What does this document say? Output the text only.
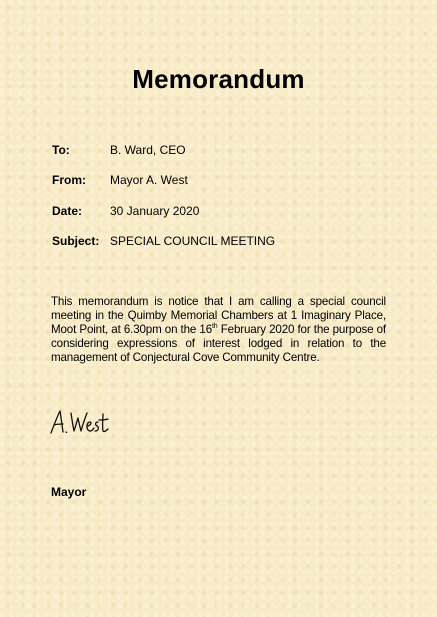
Memorandum
To:	B. Ward, CEO
From:	Mayor A. West
Date:	30 January 2020
Subject: SPECIAL COUNCIL MEETING
This memorandum is notice that I am calling a special council meeting in the Quimby Memorial Chambers at 1 Imaginary Place, Moot Point, at 6.30pm on the 16th February 2020 for the purpose of considering expressions of interest lodged in relation to the management of Conjectural Cove Community Centre.
Mayor
